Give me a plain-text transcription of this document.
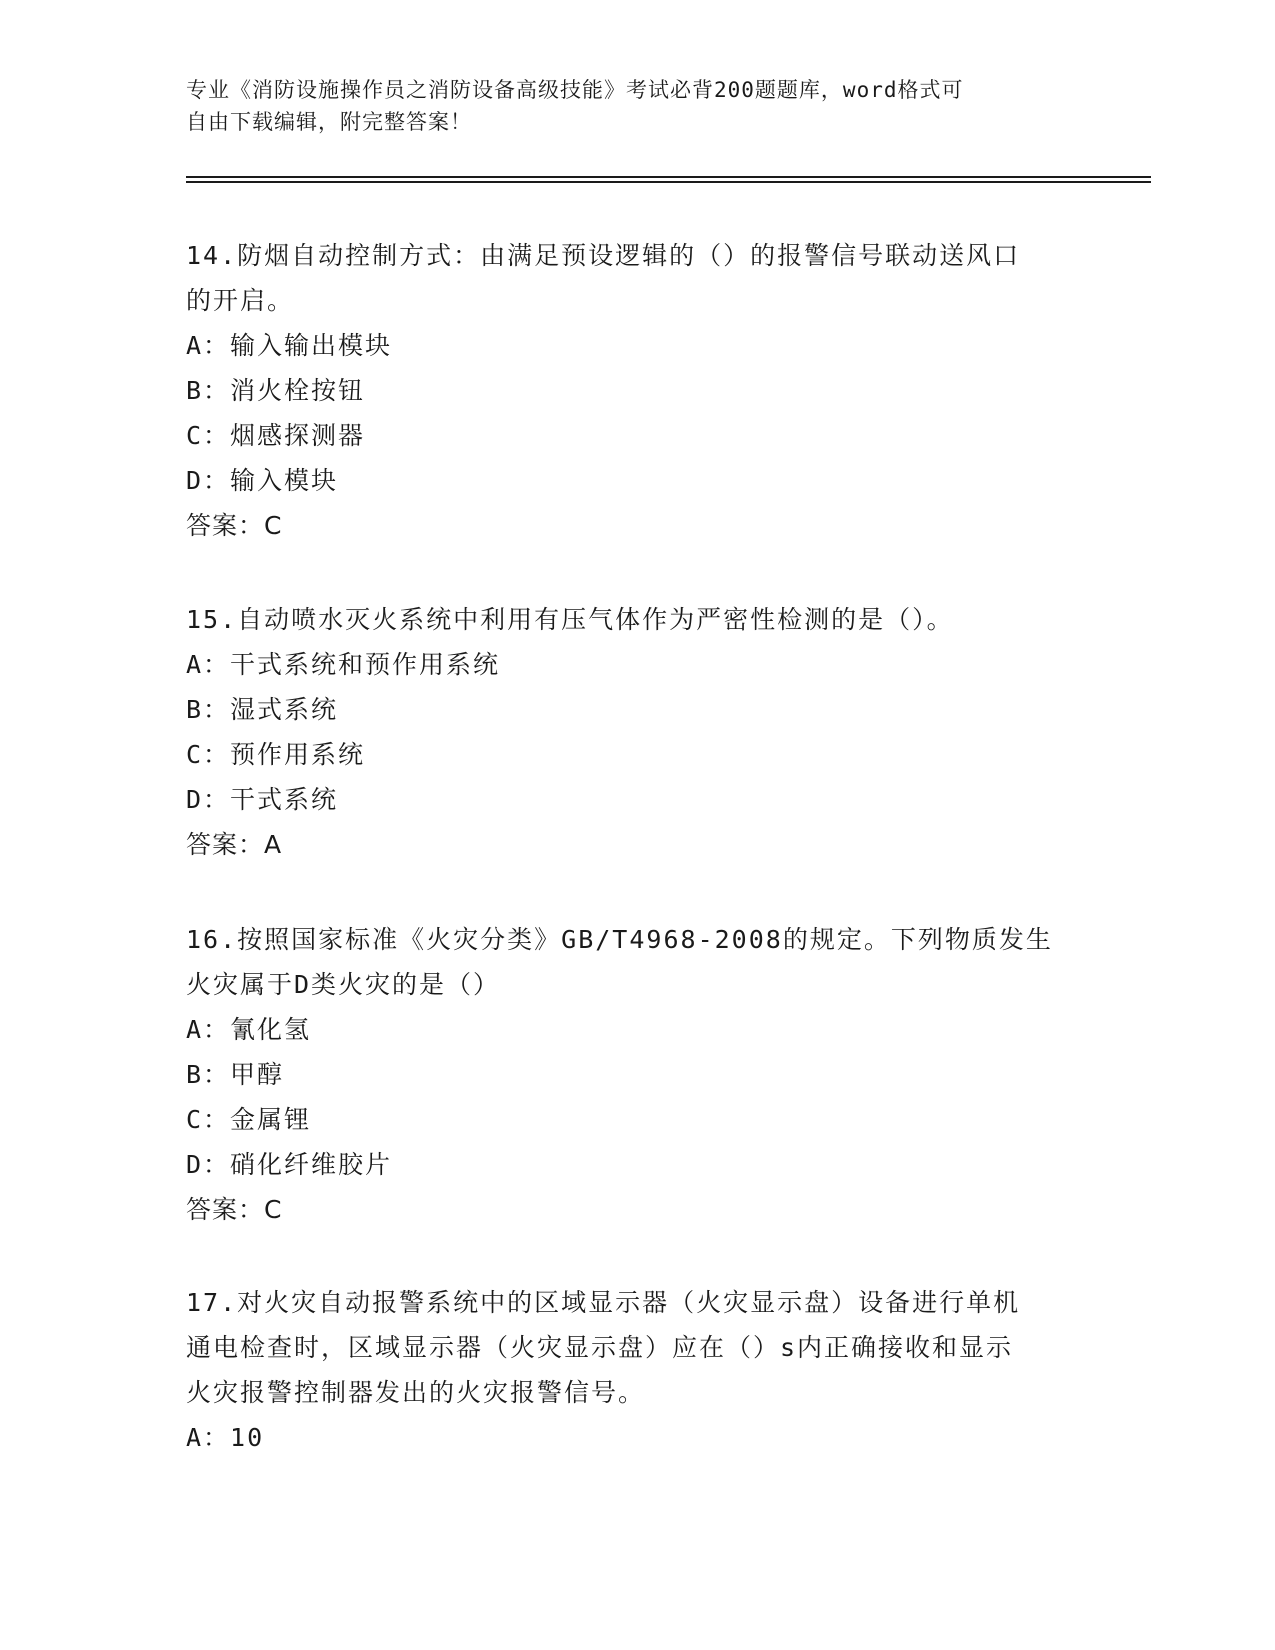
专业《消防设施操作员之消防设备高级技能》考试必背200题题库，word格式可
自由下载编辑，附完整答案！
14.防烟自动控制方式：由满足预设逻辑的（）的报警信号联动送风口
的开启。
A：输入输出模块
B：消火栓按钮
C：烟感探测器
D：输入模块
答案：C
15.自动喷水灭火系统中利用有压气体作为严密性检测的是（）。
A：干式系统和预作用系统
B：湿式系统
C：预作用系统
D：干式系统
答案：A
16.按照国家标准《火灾分类》GB/T4968-2008的规定。下列物质发生
火灾属于D类火灾的是（）
A：氰化氢
B：甲醇
C：金属锂
D：硝化纤维胶片
答案：C
17.对火灾自动报警系统中的区域显示器（火灾显示盘）设备进行单机
通电检查时，区域显示器（火灾显示盘）应在（）s内正确接收和显示
火灾报警控制器发出的火灾报警信号。
A：10
